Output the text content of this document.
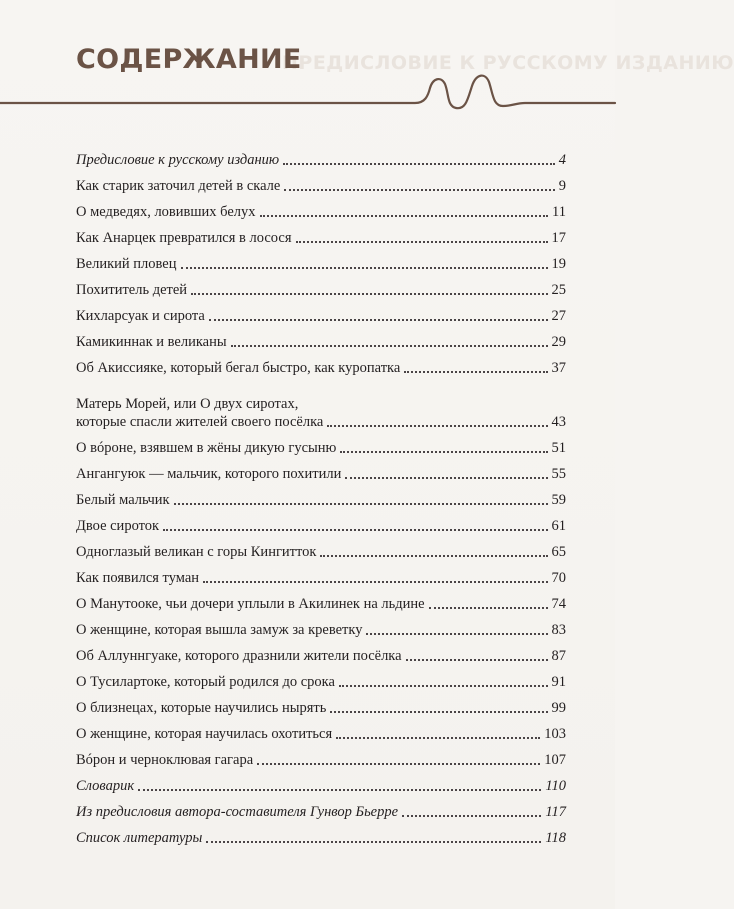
ПРЕДИСЛОВИЕ К РУССКОМУ ИЗДАНИЮ
СОДЕРЖАНИЕ
Предисловие к русскому изданию	4
Как старик заточил детей в скале	9
О медведях, ловивших белух	11
Как Анарцек превратился в лосося	17
Великий пловец	19
Похититель детей	25
Кихларсуак и сирота	27
Камикиннак и великаны	29
Об Акиссияке, который бегал быстро, как куропатка	37
Матерь Морей, или О двух сиротах,
которые спасли жителей своего посёлка	43
О вóроне, взявшем в жёны дикую гусыню	51
Ангангуюк — мальчик, которого похитили	55
Белый мальчик	59
Двое сироток	61
Одноглазый великан с горы Кингитток	65
Как появился туман	70
О Манутооке, чьи дочери уплыли в Акилинек на льдине	74
О женщине, которая вышла замуж за креветку	83
Об Аллуннгуаке, которого дразнили жители посёлка	87
О Тусилартоке, который родился до срока	91
О близнецах, которые научились нырять	99
О женщине, которая научилась охотиться	103
Вóрон и черноклювая гагара	107
Словарик	110
Из предисловия автора-составителя Гунвор Бьерре	117
Список литературы	118
